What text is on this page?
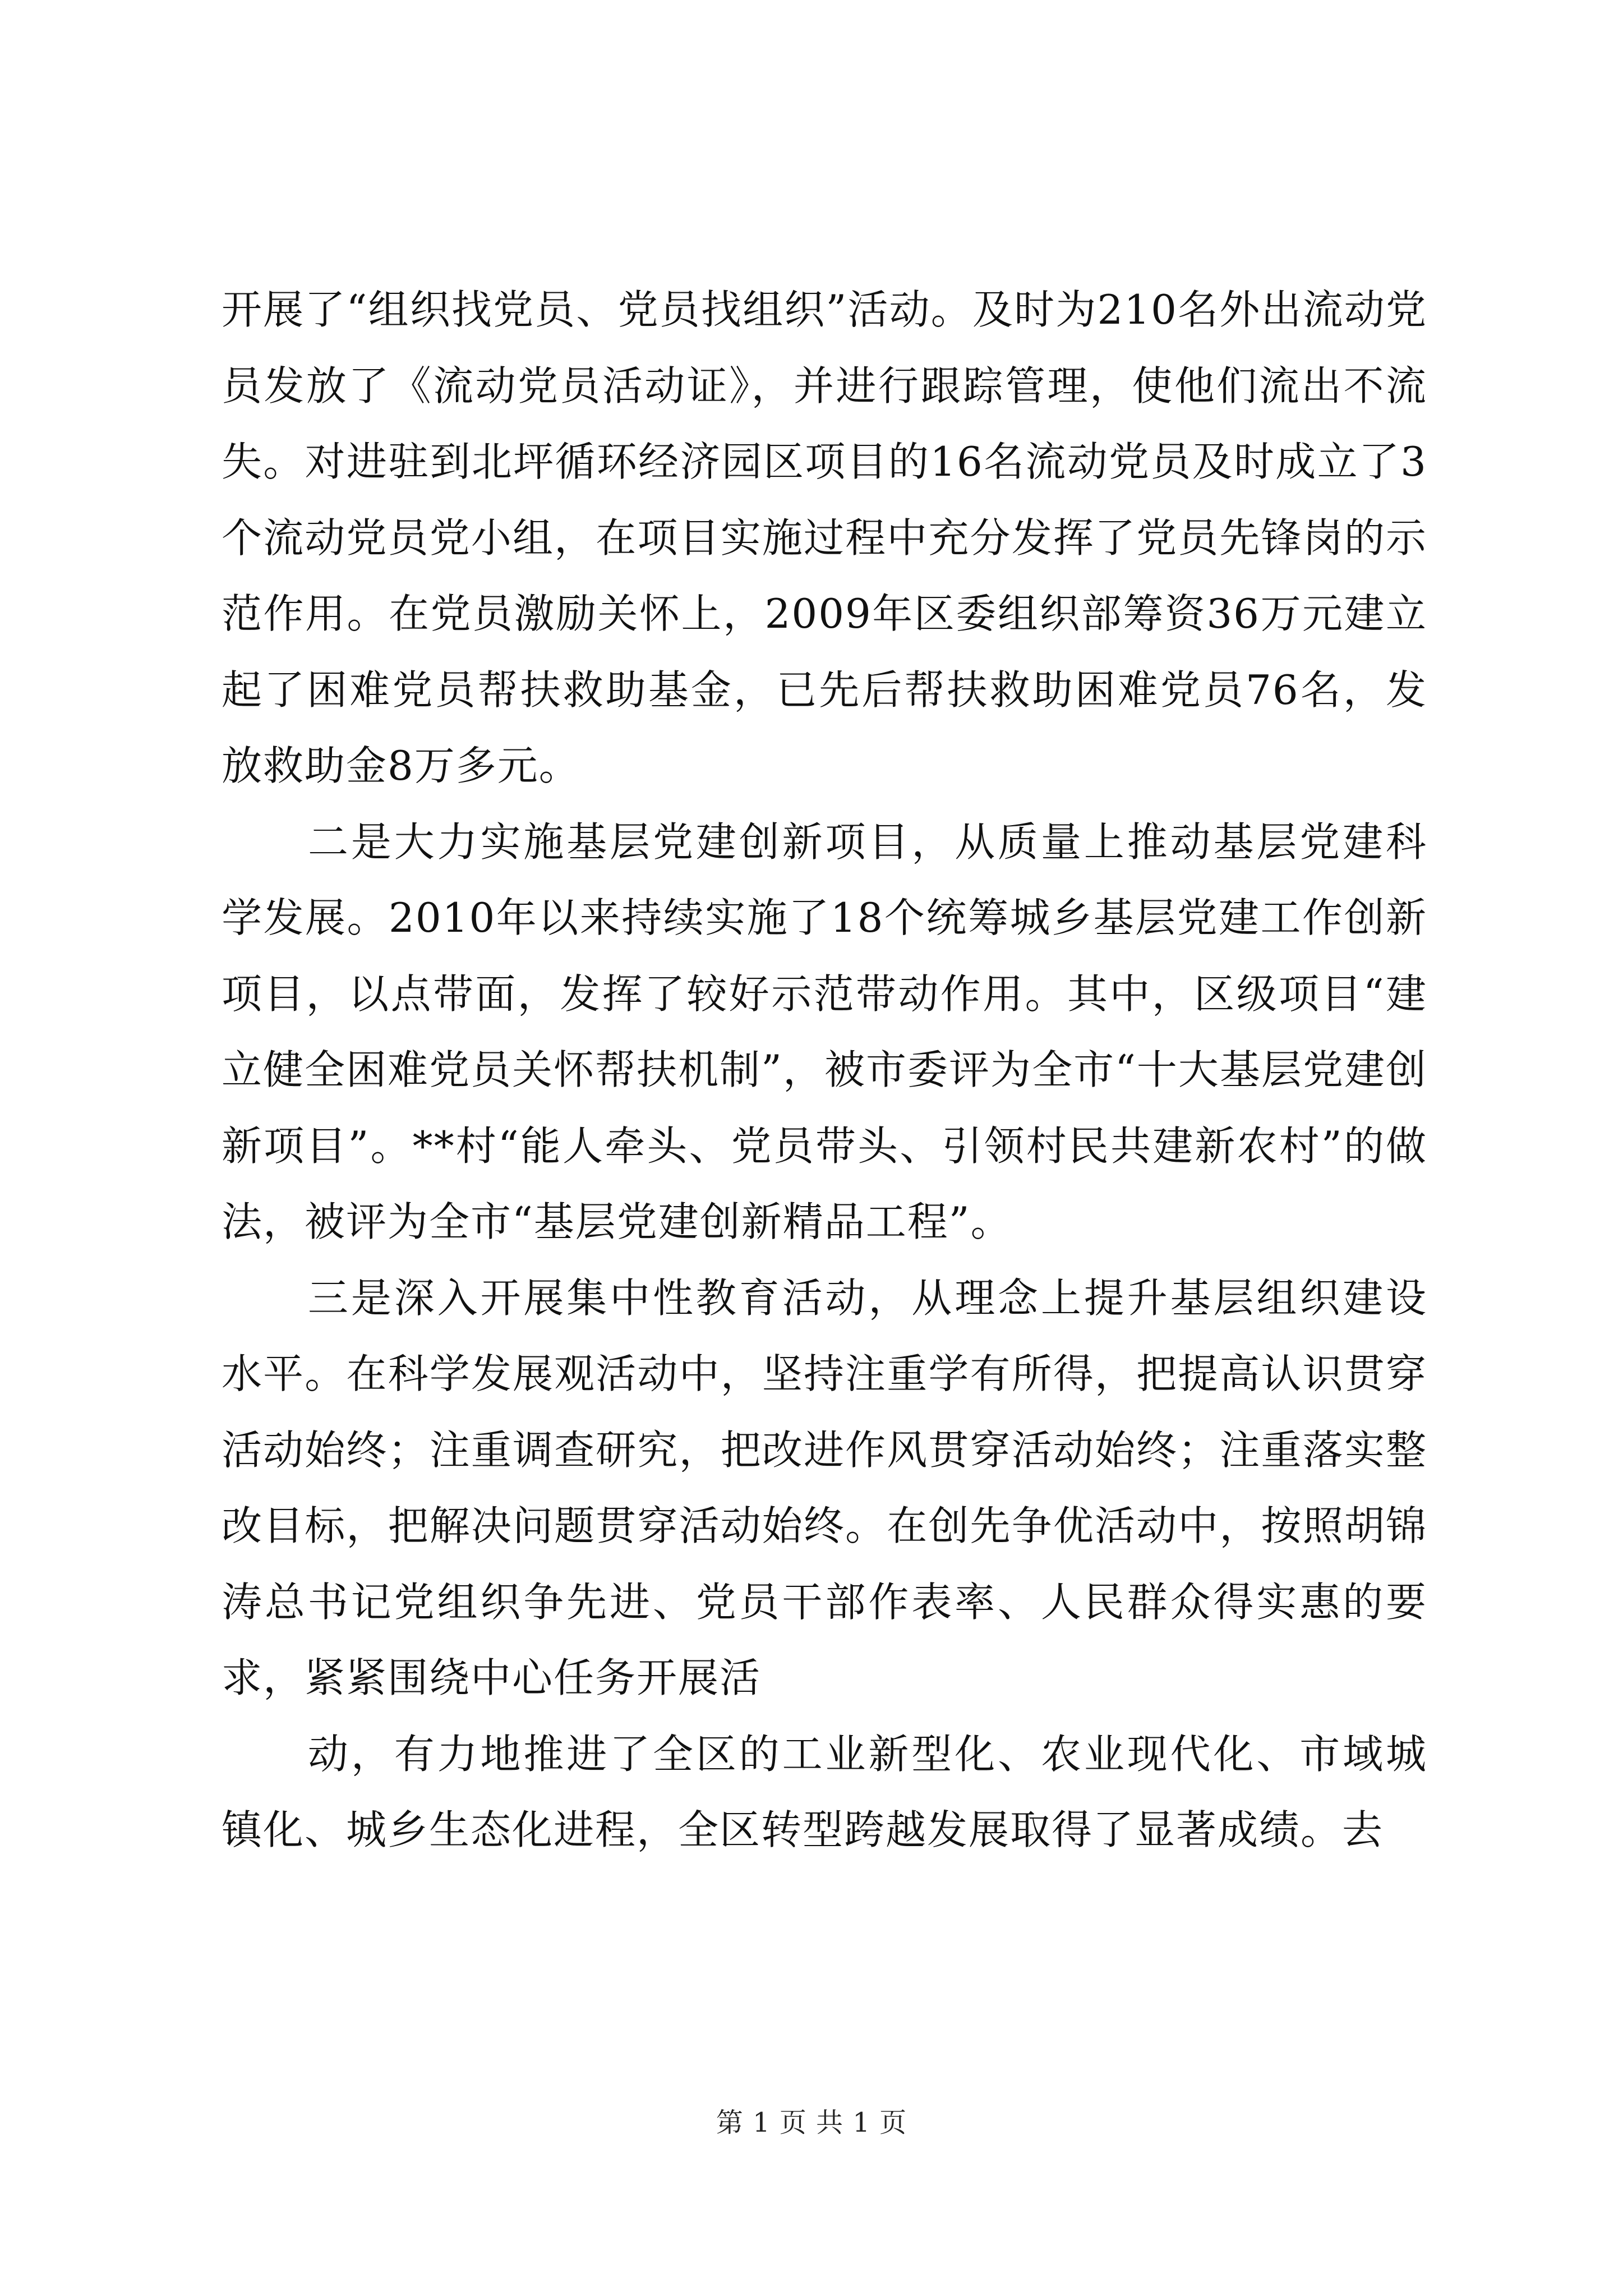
开展了“组织找党员、党员找组织”活动。及时为210名外出流动党员发放了《流动党员活动证》，并进行跟踪管理，使他们流出不流失。对进驻到北坪循环经济园区项目的16名流动党员及时成立了3个流动党员党小组，在项目实施过程中充分发挥了党员先锋岗的示范作用。在党员激励关怀上，2009年区委组织部筹资36万元建立起了困难党员帮扶救助基金，已先后帮扶救助困难党员76名，发放救助金8万多元。

二是大力实施基层党建创新项目，从质量上推动基层党建科学发展。2010年以来持续实施了18个统筹城乡基层党建工作创新项目，以点带面，发挥了较好示范带动作用。其中，区级项目“建立健全困难党员关怀帮扶机制”，被市委评为全市“十大基层党建创新项目”。**村“能人牵头、党员带头、引领村民共建新农村”的做法，被评为全市“基层党建创新精品工程”。

三是深入开展集中性教育活动，从理念上提升基层组织建设水平。在科学发展观活动中，坚持注重学有所得，把提高认识贯穿活动始终；注重调查研究，把改进作风贯穿活动始终；注重落实整改目标，把解决问题贯穿活动始终。在创先争优活动中，按照胡锦涛总书记党组织争先进、党员干部作表率、人民群众得实惠的要求，紧紧围绕中心任务开展活

动，有力地推进了全区的工业新型化、农业现代化、市域城镇化、城乡生态化进程，全区转型跨越发展取得了显著成绩。去

第 1 页 共 1 页
